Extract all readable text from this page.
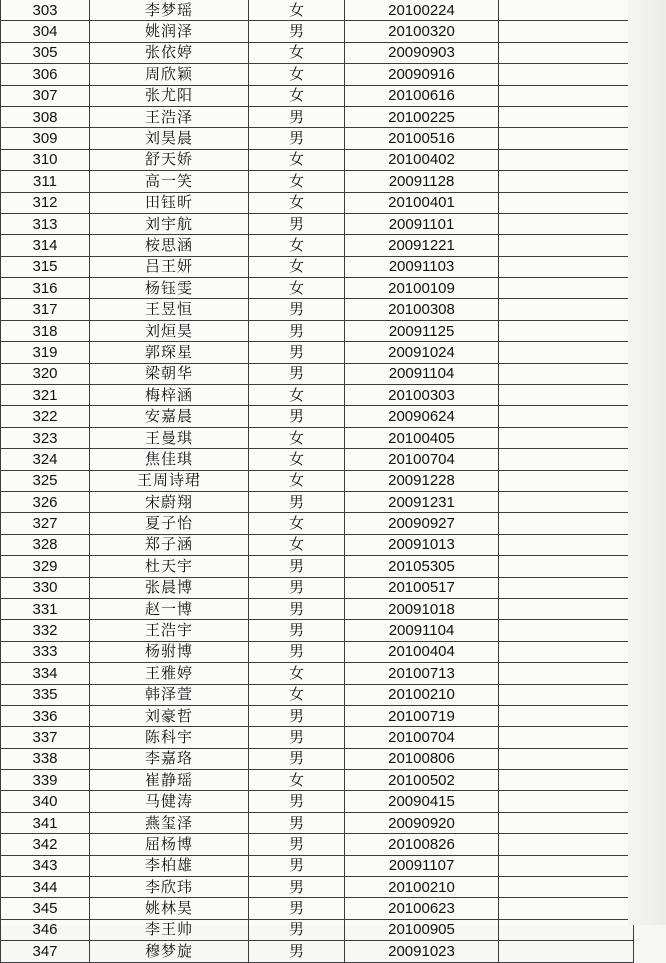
303	李梦瑶	女	20100224	
304	姚润泽	男	20100320	
305	张依婷	女	20090903	
306	周欣颖	女	20090916	
307	张尤阳	女	20100616	
308	王浩泽	男	20100225	
309	刘昊晨	男	20100516	
310	舒天娇	女	20100402	
311	高一笑	女	20091128	
312	田钰昕	女	20100401	
313	刘宇航	男	20091101	
314	桉思涵	女	20091221	
315	吕王妍	女	20091103	
316	杨钰雯	女	20100109	
317	王昱恒	男	20100308	
318	刘烜昊	男	20091125	
319	郭琛星	男	20091024	
320	梁朝华	男	20091104	
321	梅梓涵	女	20100303	
322	安嘉晨	男	20090624	
323	王曼琪	女	20100405	
324	焦佳琪	女	20100704	
325	王周诗珺	女	20091228	
326	宋蔚翔	男	20091231	
327	夏子怡	女	20090927	
328	郑子涵	女	20091013	
329	杜天宇	男	20105305	
330	张晨博	男	20100517	
331	赵一博	男	20091018	
332	王浩宇	男	20091104	
333	杨驸博	男	20100404	
334	王雅婷	女	20100713	
335	韩泽萱	女	20100210	
336	刘豪哲	男	20100719	
337	陈科宇	男	20100704	
338	李嘉珞	男	20100806	
339	崔静瑶	女	20100502	
340	马健涛	男	20090415	
341	燕玺泽	男	20090920	
342	屈杨博	男	20100826	
343	李柏雄	男	20091107	
344	李欣玮	男	20100210	
345	姚林昊	男	20100623	
346	李王帅	男	20100905	
347	穆梦旋	男	20091023	
